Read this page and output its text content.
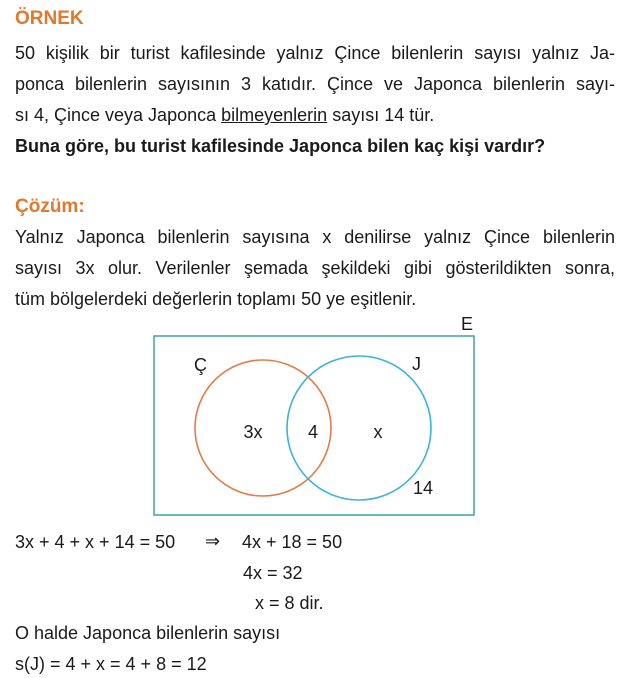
ÖRNEK
50 kişilik bir turist kafilesinde yalnız Çince bilenlerin sayısı yalnız Ja-
ponca bilenlerin sayısının 3 katıdır. Çince ve Japonca bilenlerin sayı-
sı 4, Çince veya Japonca bilmeyenlerin sayısı 14 tür.
Buna göre, bu turist kafilesinde Japonca bilen kaç kişi vardır?
Çözüm:
Yalnız Japonca bilenlerin sayısına x denilirse yalnız Çince bilenlerin
sayısı 3x olur. Verilenler şemada şekildeki gibi gösterildikten sonra,
tüm bölgelerdeki değerlerin toplamı 50 ye eşitlenir.
E
Ç	J
3x	4	x
14
3x + 4 + x + 14 = 50 ⇒ 4x + 18 = 50
4x = 32
x = 8 dir.
O halde Japonca bilenlerin sayısı
s(J) = 4 + x = 4 + 8 = 12
